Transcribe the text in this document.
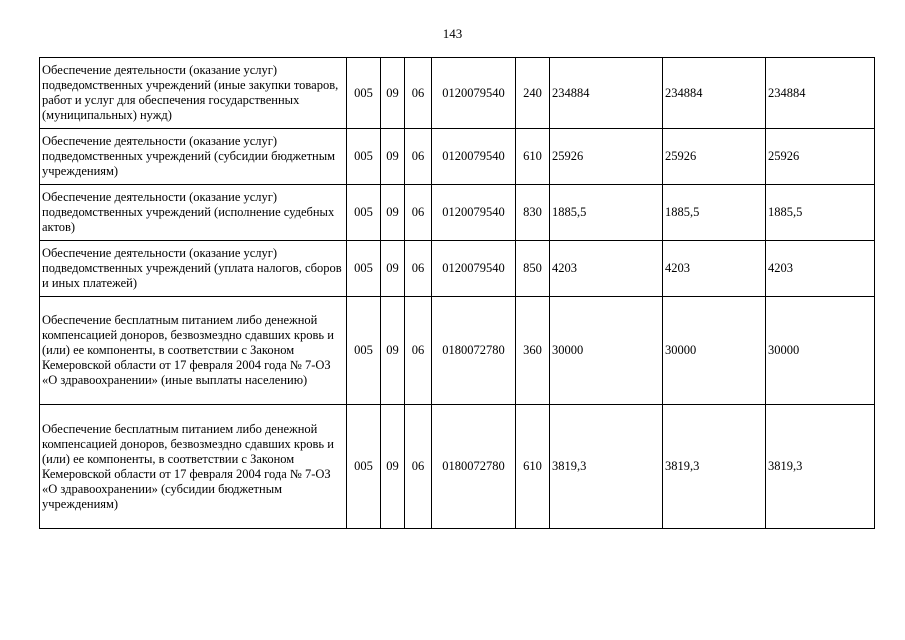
143
Обеспечение деятельности (оказание услуг) подведомственных учреждений (иные закупки товаров, работ и услуг для обеспечения государственных (муниципальных) нужд)	005	09	06	0120079540	240	234884	234884	234884
Обеспечение деятельности (оказание услуг) подведомственных учреждений (субсидии бюджетным учреждениям)	005	09	06	0120079540	610	25926	25926	25926
Обеспечение деятельности (оказание услуг) подведомственных учреждений (исполнение судебных актов)	005	09	06	0120079540	830	1885,5	1885,5	1885,5
Обеспечение деятельности (оказание услуг) подведомственных учреждений (уплата налогов, сборов и иных платежей)	005	09	06	0120079540	850	4203	4203	4203
Обеспечение бесплатным питанием либо денежной компенсацией доноров, безвозмездно сдавших кровь и (или) ее компоненты, в соответствии с Законом Кемеровской области от 17 февраля 2004 года № 7-ОЗ «О здравоохранении» (иные выплаты населению)	005	09	06	0180072780	360	30000	30000	30000
Обеспечение бесплатным питанием либо денежной компенсацией доноров, безвозмездно сдавших кровь и (или) ее компоненты, в соответствии с Законом Кемеровской области от 17 февраля 2004 года № 7-ОЗ «О здравоохранении» (субсидии бюджетным учреждениям)	005	09	06	0180072780	610	3819,3	3819,3	3819,3
